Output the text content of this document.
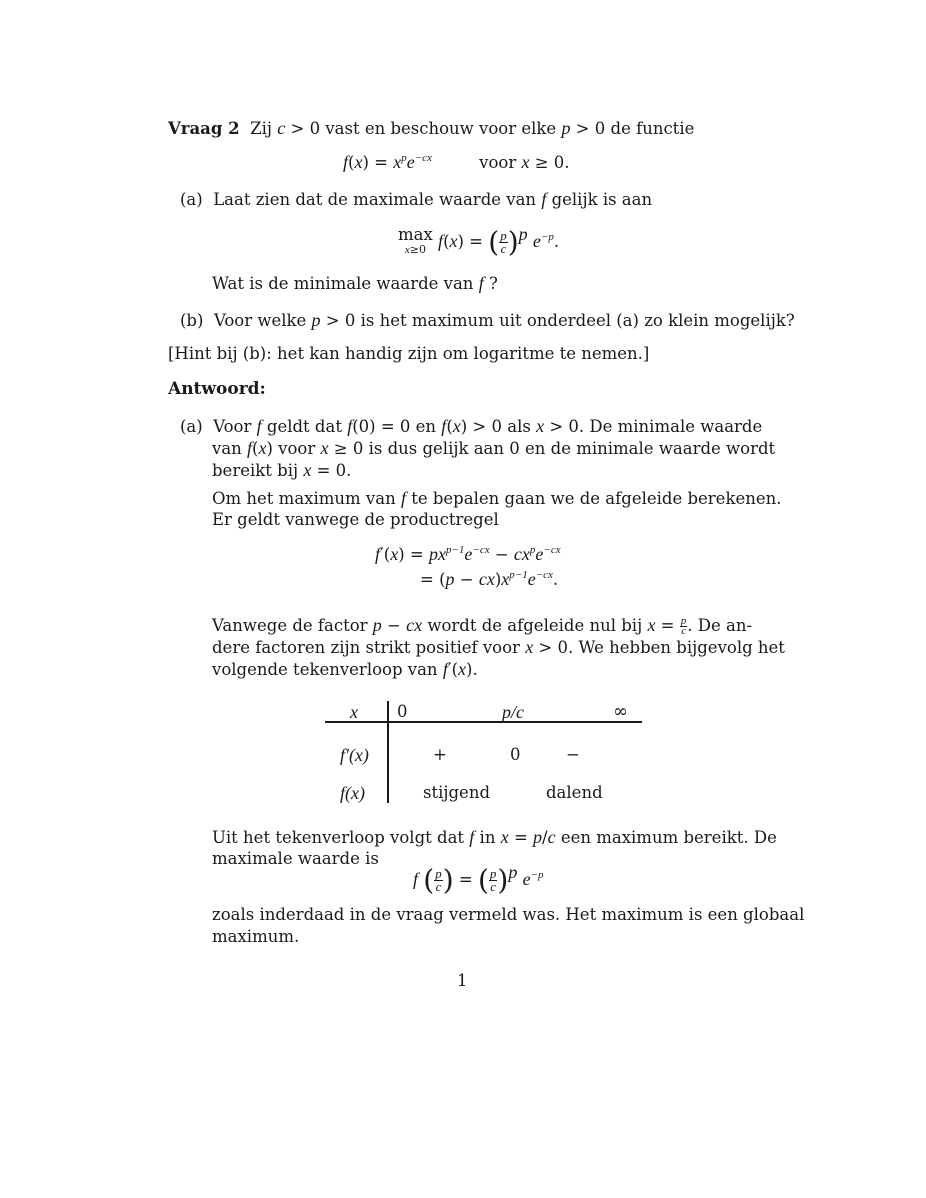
Vraag 2 Zij c > 0 vast en beschouw voor elke p > 0 de functie
$f(x) = x^pe^{-cx}$	voor x ≥ 0.
(a) Laat zien dat de maximale waarde van f gelijk is aan
max
x≥0 f(x) = ( $\frac{p}{c} )^p$ $e^{-p}$.
Wat is de minimale waarde van f ?
(b) Voor welke p > 0 is het maximum uit onderdeel (a) zo klein mogelijk?
[Hint bij (b): het kan handig zijn om logaritme te nemen.]
Antwoord:
(a) Voor f geldt dat f(0) = 0 en f(x) > 0 als x > 0. De minimale waarde
van f(x) voor x ≥ 0 is dus gelijk aan 0 en de minimale waarde wordt
bereikt bij x = 0.
Om het maximum van f te bepalen gaan we de afgeleide berekenen.
Er geldt vanwege de productregel
$f'(x) = px^{p-1}e^{-cx} - cx^pe^{-cx}$
= $(p - cx)x^{p-1}e^{-cx}$.
Vanwege de factor p − cx wordt de afgeleide nul bij $x = \frac{p}{c}$ . De an-
dere factoren zijn strikt positief voor x > 0. We hebben bijgevolg het
volgende tekenverloop van f′(x).
x 0	p/c	∞
f′(x)	+	0	−
f(x)	stijgend	dalend
Uit het tekenverloop volgt dat f in x = p/c een maximum bereikt. De
maximale waarde is
f ( $\frac{p}{c}$ ) = ( $\frac{p}{c} )^p$ $e^{-p}$
zoals inderdaad in de vraag vermeld was. Het maximum is een globaal
maximum.
1
